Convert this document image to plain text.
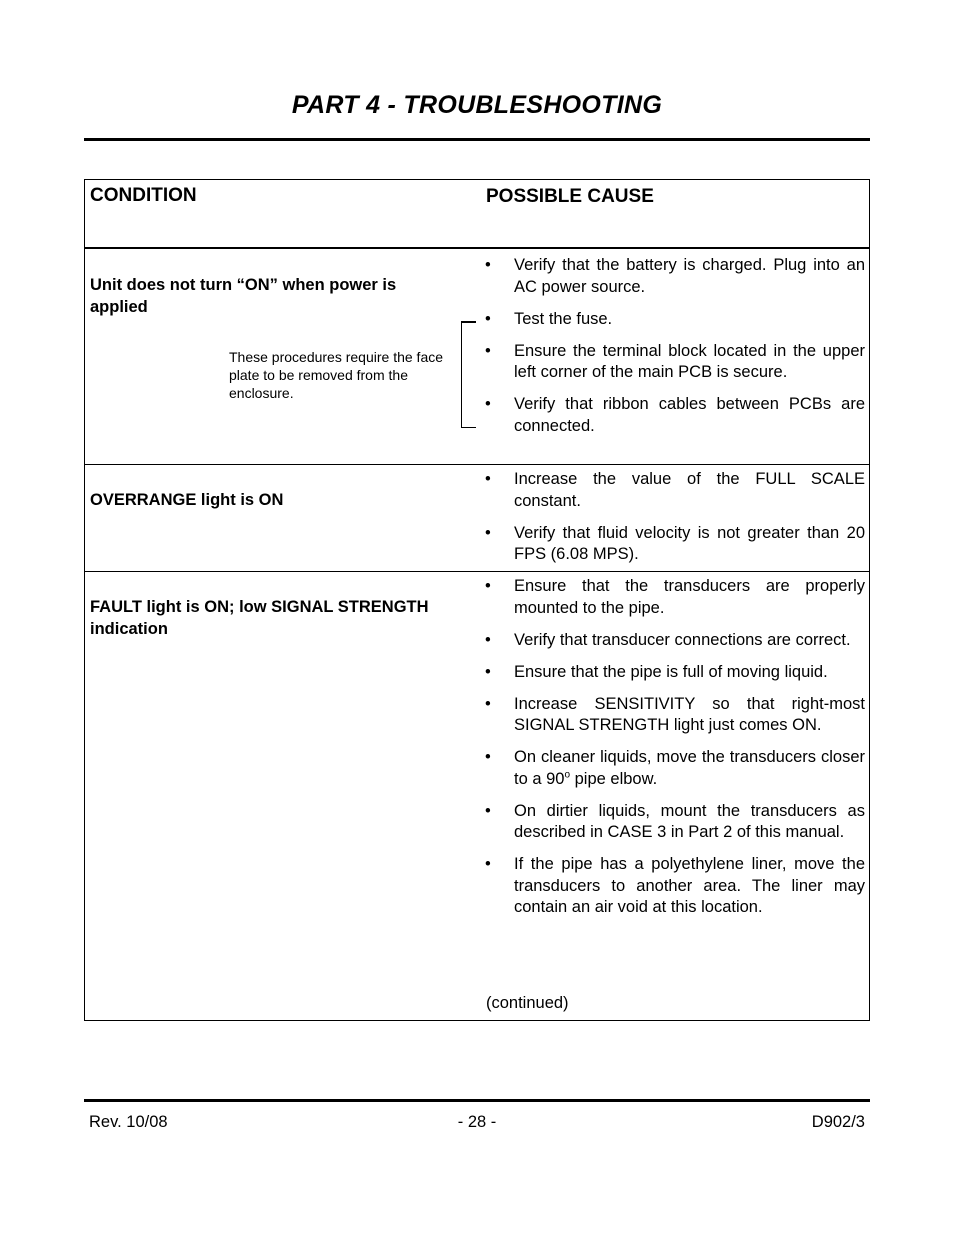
PART 4 - TROUBLESHOOTING
CONDITION	POSSIBLE CAUSE
Unit does not turn “ON” when power is applied
These procedures require the face plate to be removed from the enclosure.
• Verify that the battery is charged. Plug into an AC power source.
• Test the fuse.
• Ensure the terminal block located in the upper left corner of the main PCB is secure.
• Verify that ribbon cables between PCBs are connected.
OVERRANGE light is ON
• Increase the value of the FULL SCALE constant.
• Verify that fluid velocity is not greater than 20 FPS (6.08 MPS).
FAULT light is ON; low SIGNAL STRENGTH indication
• Ensure that the transducers are properly mounted to the pipe.
• Verify that transducer connections are correct.
• Ensure that the pipe is full of moving liquid.
• Increase SENSITIVITY so that right-most SIGNAL STRENGTH light just comes ON.
• On cleaner liquids, move the transducers closer to a 90$^o$ pipe elbow.
• On dirtier liquids, mount the transducers as described in CASE 3 in Part 2 of this manual.
• If the pipe has a polyethylene liner, move the transducers to another area. The liner may contain an air void at this location.
(continued)
Rev. 10/08	- 28 -	D902/3
